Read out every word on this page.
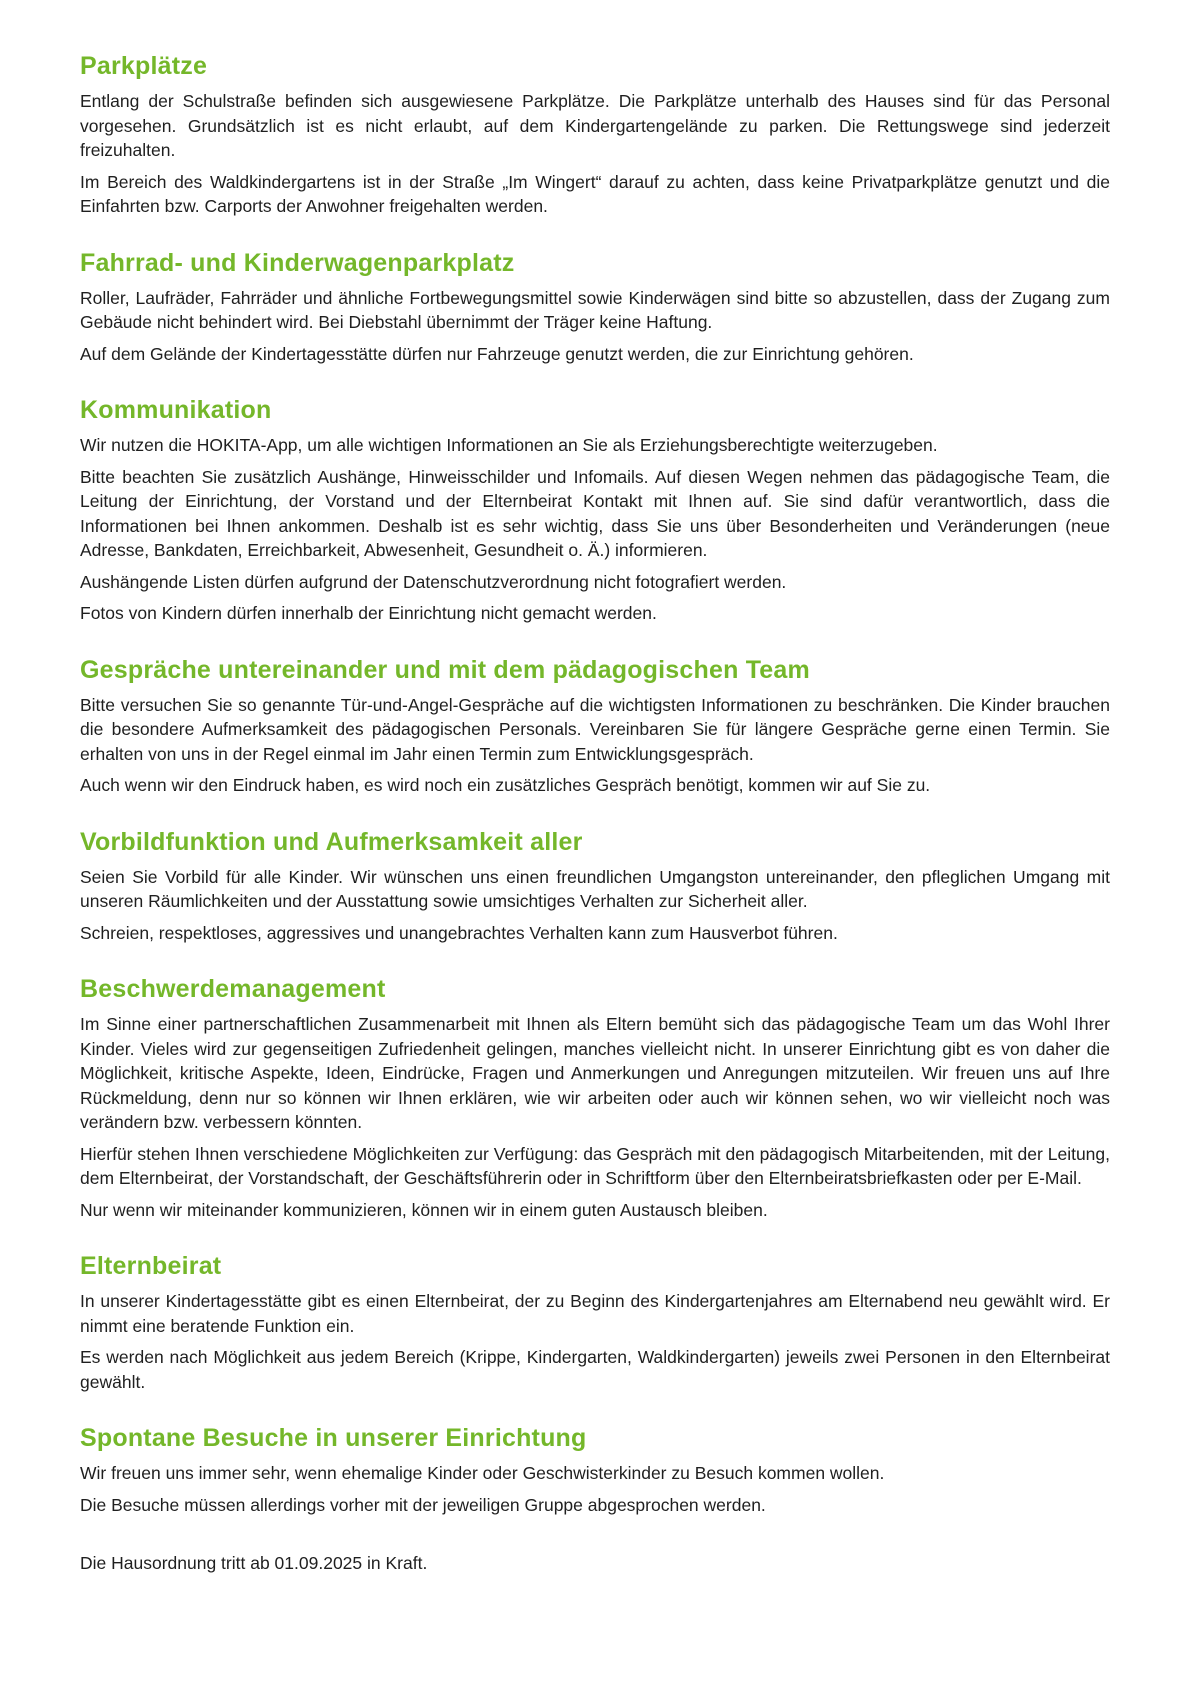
Parkplätze

Entlang der Schulstraße befinden sich ausgewiesene Parkplätze. Die Parkplätze unterhalb des Hauses sind für das Personal vorgesehen. Grundsätzlich ist es nicht erlaubt, auf dem Kindergartengelände zu parken. Die Rettungswege sind jederzeit freizuhalten.

Im Bereich des Waldkindergartens ist in der Straße „Im Wingert“ darauf zu achten, dass keine Privatparkplätze genutzt und die Einfahrten bzw. Carports der Anwohner freigehalten werden.

Fahrrad- und Kinderwagenparkplatz

Roller, Laufräder, Fahrräder und ähnliche Fortbewegungsmittel sowie Kinderwägen sind bitte so abzustellen, dass der Zugang zum Gebäude nicht behindert wird. Bei Diebstahl übernimmt der Träger keine Haftung.

Auf dem Gelände der Kindertagesstätte dürfen nur Fahrzeuge genutzt werden, die zur Einrichtung gehören.

Kommunikation

Wir nutzen die HOKITA-App, um alle wichtigen Informationen an Sie als Erziehungsberechtigte weiterzugeben.

Bitte beachten Sie zusätzlich Aushänge, Hinweisschilder und Infomails. Auf diesen Wegen nehmen das pädagogische Team, die Leitung der Einrichtung, der Vorstand und der Elternbeirat Kontakt mit Ihnen auf. Sie sind dafür verantwortlich, dass die Informationen bei Ihnen ankommen. Deshalb ist es sehr wichtig, dass Sie uns über Besonderheiten und Veränderungen (neue Adresse, Bankdaten, Erreichbarkeit, Abwesenheit, Gesundheit o. Ä.) informieren.

Aushängende Listen dürfen aufgrund der Datenschutzverordnung nicht fotografiert werden.

Fotos von Kindern dürfen innerhalb der Einrichtung nicht gemacht werden.

Gespräche untereinander und mit dem pädagogischen Team

Bitte versuchen Sie so genannte Tür-und-Angel-Gespräche auf die wichtigsten Informationen zu beschränken. Die Kinder brauchen die besondere Aufmerksamkeit des pädagogischen Personals. Vereinbaren Sie für längere Gespräche gerne einen Termin. Sie erhalten von uns in der Regel einmal im Jahr einen Termin zum Entwicklungsgespräch.

Auch wenn wir den Eindruck haben, es wird noch ein zusätzliches Gespräch benötigt, kommen wir auf Sie zu.

Vorbildfunktion und Aufmerksamkeit aller

Seien Sie Vorbild für alle Kinder. Wir wünschen uns einen freundlichen Umgangston untereinander, den pfleglichen Umgang mit unseren Räumlichkeiten und der Ausstattung sowie umsichtiges Verhalten zur Sicherheit aller.

Schreien, respektloses, aggressives und unangebrachtes Verhalten kann zum Hausverbot führen.

Beschwerdemanagement

Im Sinne einer partnerschaftlichen Zusammenarbeit mit Ihnen als Eltern bemüht sich das pädagogische Team um das Wohl Ihrer Kinder. Vieles wird zur gegenseitigen Zufriedenheit gelingen, manches vielleicht nicht. In unserer Einrichtung gibt es von daher die Möglichkeit, kritische Aspekte, Ideen, Eindrücke, Fragen und Anmerkungen und Anregungen mitzuteilen. Wir freuen uns auf Ihre Rückmeldung, denn nur so können wir Ihnen erklären, wie wir arbeiten oder auch wir können sehen, wo wir vielleicht noch was verändern bzw. verbessern könnten.

Hierfür stehen Ihnen verschiedene Möglichkeiten zur Verfügung: das Gespräch mit den pädagogisch Mitarbeitenden, mit der Leitung, dem Elternbeirat, der Vorstandschaft, der Geschäftsführerin oder in Schriftform über den Elternbeiratsbriefkasten oder per E-Mail.

Nur wenn wir miteinander kommunizieren, können wir in einem guten Austausch bleiben.

Elternbeirat

In unserer Kindertagesstätte gibt es einen Elternbeirat, der zu Beginn des Kindergartenjahres am Elternabend neu gewählt wird. Er nimmt eine beratende Funktion ein.

Es werden nach Möglichkeit aus jedem Bereich (Krippe, Kindergarten, Waldkindergarten) jeweils zwei Personen in den Elternbeirat gewählt.

Spontane Besuche in unserer Einrichtung

Wir freuen uns immer sehr, wenn ehemalige Kinder oder Geschwisterkinder zu Besuch kommen wollen.

Die Besuche müssen allerdings vorher mit der jeweiligen Gruppe abgesprochen werden.

Die Hausordnung tritt ab 01.09.2025 in Kraft.
